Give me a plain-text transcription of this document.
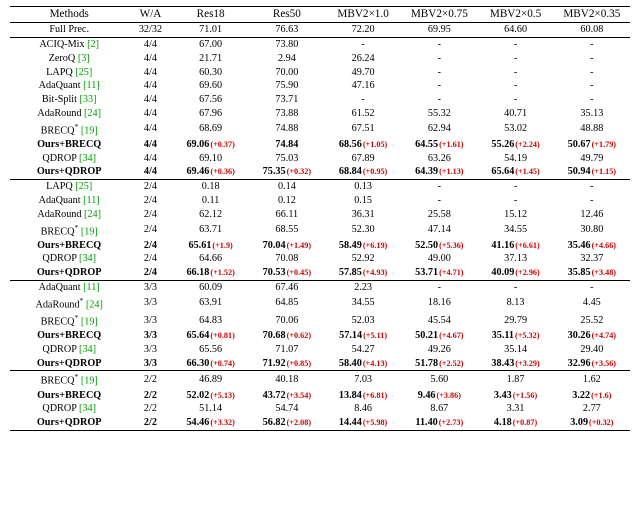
Methods	W/A	Res18	Res50	MBV2×1.0	MBV2×0.75	MBV2×0.5	MBV2×0.35
Full Prec.	32/32	71.01	76.63	72.20	69.95	64.60	60.08
ACIQ-Mix [2]	4/4	67.00	73.80	-	-	-	-
ZeroQ [3]	4/4	21.71	2.94	26.24	-	-	-
LAPQ [25]	4/4	60.30	70.00	49.70	-	-	-
AdaQuant [11]	4/4	69.60	75.90	47.16	-	-	-
Bit-Split [33]	4/4	67.56	73.71	-	-	-	-
AdaRound [24]	4/4	67.96	73.88	61.52	55.32	40.71	35.13
BRECQ* [19]	4/4	68.69	74.88	67.51	62.94	53.02	48.88
Ours+BRECQ	4/4	69.06(+0.37)	74.84	68.56(+1.05)	64.55(+1.61)	55.26(+2.24)	50.67(+1.79)
QDROP [34]	4/4	69.10	75.03	67.89	63.26	54.19	49.79
Ours+QDROP	4/4	69.46(+0.36)	75.35(+0.32)	68.84(+0.95)	64.39(+1.13)	65.64(+1.45)	50.94(+1.15)
LAPQ [25]	2/4	0.18	0.14	0.13	-	-	-
AdaQuant [11]	2/4	0.11	0.12	0.15	-	-	-
AdaRound [24]	2/4	62.12	66.11	36.31	25.58	15.12	12.46
BRECQ* [19]	2/4	63.71	68.55	52.30	47.14	34.55	30.80
Ours+BRECQ	2/4	65.61(+1.9)	70.04(+1.49)	58.49(+6.19)	52.50(+5.36)	41.16(+6.61)	35.46(+4.66)
QDROP [34]	2/4	64.66	70.08	52.92	49.00	37.13	32.37
Ours+QDROP	2/4	66.18(+1.52)	70.53(+0.45)	57.85(+4.93)	53.71(+4.71)	40.09(+2.96)	35.85(+3.48)
AdaQuant [11]	3/3	60.09	67.46	2.23	-	-	-
AdaRound* [24]	3/3	63.91	64.85	34.55	18.16	8.13	4.45
BRECQ* [19]	3/3	64.83	70.06	52.03	45.54	29.79	25.52
Ours+BRECQ	3/3	65.64(+0.81)	70.68(+0.62)	57.14(+5.11)	50.21(+4.67)	35.11(+5.32)	30.26(+4.74)
QDROP [34]	3/3	65.56	71.07	54.27	49.26	35.14	29.40
Ours+QDROP	3/3	66.30(+0.74)	71.92(+0.85)	58.40(+4.13)	51.78(+2.52)	38.43(+3.29)	32.96(+3.56)
BRECQ* [19]	2/2	46.89	40.18	7.03	5.60	1.87	1.62
Ours+BRECQ	2/2	52.02(+5.13)	43.72(+3.54)	13.84(+6.81)	9.46(+3.86)	3.43(+1.56)	3.22(+1.6)
QDROP [34]	2/2	51.14	54.74	8.46	8.67	3.31	2.77
Ours+QDROP	2/2	54.46(+3.32)	56.82(+2.08)	14.44(+5.98)	11.40(+2.73)	4.18(+0.87)	3.09(+0.32)
